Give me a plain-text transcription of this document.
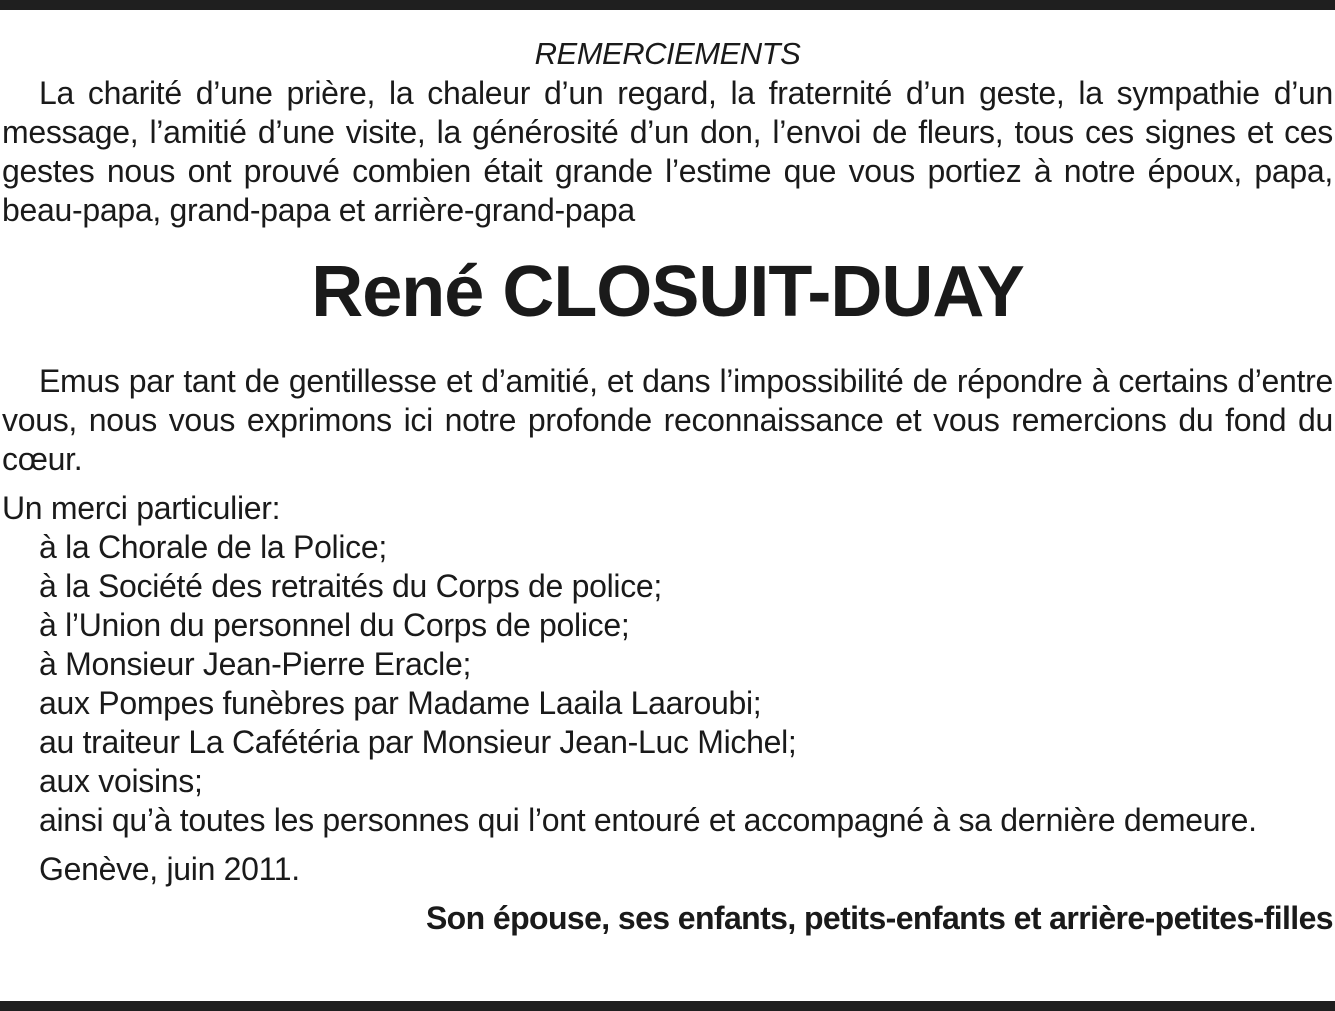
REMERCIEMENTS

La charité d’une prière, la chaleur d’un regard, la fraternité d’un geste, la sympathie d’un message, l’amitié d’une visite, la générosité d’un don, l’envoi de fleurs, tous ces signes et ces gestes nous ont prouvé combien était grande l’estime que vous portiez à notre époux, papa, beau-papa, grand-papa et arrière-grand-papa

René CLOSUIT-DUAY

Emus par tant de gentillesse et d’amitié, et dans l’impossibilité de répondre à certains d’entre vous, nous vous exprimons ici notre profonde reconnaissance et vous remercions du fond du cœur.

Un merci particulier:
à la Chorale de la Police;
à la Société des retraités du Corps de police;
à l’Union du personnel du Corps de police;
à Monsieur Jean-Pierre Eracle;
aux Pompes funèbres par Madame Laaila Laaroubi;
au traiteur La Cafétéria par Monsieur Jean-Luc Michel;
aux voisins;
ainsi qu’à toutes les personnes qui l’ont entouré et accompagné à sa dernière demeure.
Genève, juin 2011.
Son épouse, ses enfants, petits-enfants et arrière-petites-filles
